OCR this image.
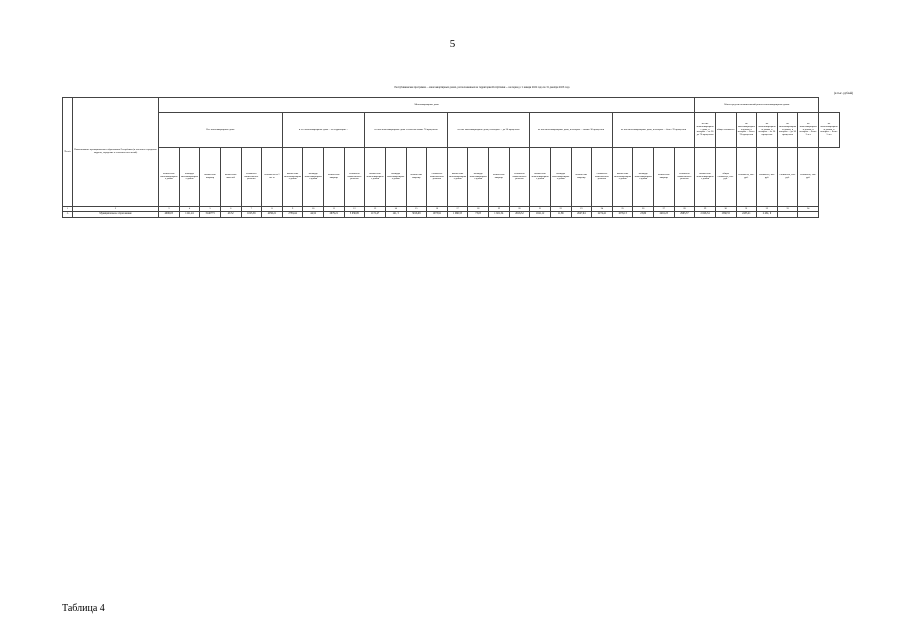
5
Республиканская программа ... многоквартирных домах, расположенных на территории Республики ... на период с 1 января 2022 года по 31 декабря 2023 года
(в тыс. рублей)
№ п/п	Наименование муниципального образования Республики (в том числе городских округов, городских и сельских поселений)	Многоквартирные дома																										Объем средств на капитальный ремонт многоквартирных домов						
		Все многоквартирные дома						в т.ч. многоквартирные дома ... на территории ...				из них многоквартирные дома с износом свыше 70 процентов				из них многоквартирные дома, в которых ... до 30 процентов				из них многоквартирные дома, в которых ... свыше 30 процентов				из них многоквартирные дома, в которых ... более 70 процентов				из них многоквартирные дома, в которых ... от 30 до 70 процентов	общая стоимость	по многоквартирным домам, в которых ... более 70 процентов	по многоквартирным домам, в которых ... от 30 процентов	по многоквартирным домам, в которых ... до 30 процентов	по многоквартирным домам, в которых ... более 3 лет	по многоквартирным домам, в которых ... более 5 лет
		количество многоквартирных домов	площадь многоквартирных домов	количество квартир	количество жителей	стоимость капитального ремонта	стоимость на 1 кв. м	количество многоквартирных домов	площадь многоквартирных домов	количество квартир	стоимость капитального ремонта	количество многоквартирных домов	площадь многоквартирных домов	количество квартир	стоимость капитального ремонта	количество многоквартирных домов	площадь многоквартирных домов	количество квартир	стоимость капитального ремонта	количество многоквартирных домов	площадь многоквартирных домов	количество квартир	стоимость капитального ремонта	количество многоквартирных домов	площадь многоквартирных домов	количество квартир	стоимость капитального ремонта	количество многоквартирных домов	общая стоимость, тыс. руб.	стоимость, тыс. руб.	стоимость, тыс. руб.	стоимость, тыс. руб.	стоимость, тыс. руб.	
1	2	3	4	5	6	7	8	9	10	11	12	13	14	15	16	17	18	19	20	21	22	23	24	25	26	27	28	29	30	31	32	33	34	
1.	Муниципальное образование	4006,05	1121,24	3146773	46 52	1023,56	4056,21	2783,44	44,52	2679,21	3 036,85	1172,47	141, 5	3016,09	1973,91	1 966,55	73,05	1 921,54	2616,52	1041,12	11,86	2647,94	2274,41	1076,13	23,69	2491,25	2965,37	2 626,54	1560,55	2433,21	2 461, 9			
Таблица 4
